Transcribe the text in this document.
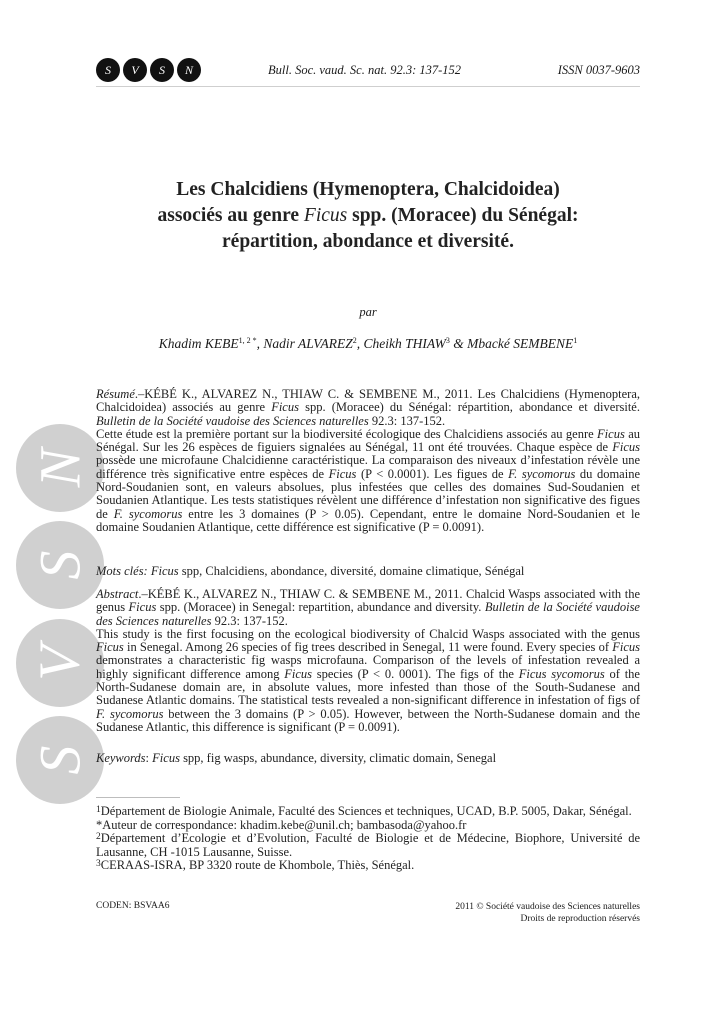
S V S N	Bull. Soc. vaud. Sc. nat. 92.3: 137-152	ISSN 0037-9603
N
S
V
S
Les Chalcidiens (Hymenoptera, Chalcidoidea)
associés au genre Ficus spp. (Moracee) du Sénégal:
répartition, abondance et diversité.
par
Khadim $KEBE^{1, 2 *}$, Nadir ALVAREZ$^2$, Cheikh THIAW$^3$ & Mbacké SEMBENE$^1$

Résumé.–KÉBÉ K., ALVAREZ N., THIAW C. & SEMBENE M., 2011. Les Chalcidiens (Hymenoptera, Chalcidoidea) associés au genre Ficus spp. (Moracee) du Sénégal: répartition, abondance et diversité. Bulletin de la Société vaudoise des Sciences naturelles 92.3: 137-152.

Cette étude est la première portant sur la biodiversité écologique des Chalcidiens associés au genre Ficus au Sénégal. Sur les 26 espèces de figuiers signalées au Sénégal, 11 ont été trouvées. Chaque espèce de Ficus possède une microfaune Chalcidienne caractéristique. La comparaison des niveaux d’infestation révèle une différence très significative entre espèces de Ficus (P < 0.0001). Les figues de F. sycomorus du domaine Nord-Soudanien sont, en valeurs absolues, plus infestées que celles des domaines Sud-Soudanien et Soudanien Atlantique. Les tests statistiques révèlent une différence d’infestation non significative des figues de F. sycomorus entre les 3 domaines (P > 0.05). Cependant, entre le domaine Nord-Soudanien et le domaine Soudanien Atlantique, cette différence est significative (P = 0.0091).

Mots clés: Ficus spp, Chalcidiens, abondance, diversité, domaine climatique, Sénégal

Abstract.–KÉBÉ K., ALVAREZ N., THIAW C. & SEMBENE M., 2011. Chalcid Wasps associated with the genus Ficus spp. (Moracee) in Senegal: repartition, abundance and diversity. Bulletin de la Société vaudoise des Sciences naturelles 92.3: 137-152.

This study is the first focusing on the ecological biodiversity of Chalcid Wasps associated with the genus Ficus in Senegal. Among 26 species of fig trees described in Senegal, 11 were found. Every species of Ficus demonstrates a characteristic fig wasps microfauna. Comparison of the levels of infestation revealed a highly significant difference among Ficus species (P < 0. 0001). The figs of the Ficus sycomorus of the North-Sudanese domain are, in absolute values, more infested than those of the South-Sudanese and Sudanese Atlantic domains. The statistical tests revealed a non-significant difference in infestation of figs of F. sycomorus between the 3 domains (P > 0.05). However, between the North-Sudanese domain and the Sudanese Atlantic, this difference is significant (P = 0.0091).

Keywords: Ficus spp, fig wasps, abundance, diversity, climatic domain, Senegal

$^1$Département de Biologie Animale, Faculté des Sciences et techniques, UCAD, B.P. 5005, Dakar, Sénégal.

*Auteur de correspondance: khadim.kebe@unil.ch; bambasoda@yahoo.fr

$^2$Département d’Ecologie et d’Evolution, Faculté de Biologie et de Médecine, Biophore, Université de Lausanne, CH -1015 Lausanne, Suisse.

$^3$CERAAS-ISRA, BP 3320 route de Khombole, Thiès, Sénégal.

CODEN: BSVAA6	2011 © Société vaudoise des Sciences naturelles
Droits de reproduction réservés
